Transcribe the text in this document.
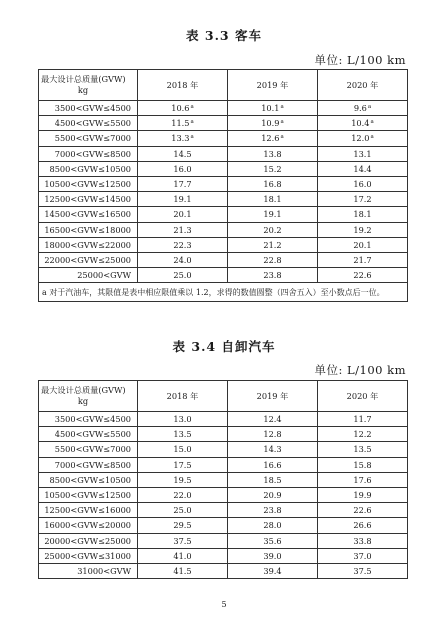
表 3.3 客车
单位: L/100 km
最大设计总质量(GVW)
kg	2018 年	2019 年	2020 年
3500<GVW≤4500	10.6$^a$	10.1$^a$	9.6$^a$
4500<GVW≤5500	11.5$^a$	10.9$^a$	10.4$^a$
5500<GVW≤7000	13.3$^a$	12.6$^a$	12.0$^a$
7000<GVW≤8500	14.5	13.8	13.1
8500<GVW≤10500	16.0	15.2	14.4
10500<GVW≤12500	17.7	16.8	16.0
12500<GVW≤14500	19.1	18.1	17.2
14500<GVW≤16500	20.1	19.1	18.1
16500<GVW≤18000	21.3	20.2	19.2
18000<GVW≤22000	22.3	21.2	20.1
22000<GVW≤25000	24.0	22.8	21.7
25000<GVW	25.0	23.8	22.6
a 对于汽油车，其限值是表中相应限值乘以 1.2，求得的数值圆整（四舍五入）至小数点后一位。			
表 3.4 自卸汽车
单位: L/100 km
最大设计总质量(GVW)
kg	2018 年	2019 年	2020 年
3500<GVW≤4500	13.0	12.4	11.7
4500<GVW≤5500	13.5	12.8	12.2
5500<GVW≤7000	15.0	14.3	13.5
7000<GVW≤8500	17.5	16.6	15.8
8500<GVW≤10500	19.5	18.5	17.6
10500<GVW≤12500	22.0	20.9	19.9
12500<GVW≤16000	25.0	23.8	22.6
16000<GVW≤20000	29.5	28.0	26.6
20000<GVW≤25000	37.5	35.6	33.8
25000<GVW≤31000	41.0	39.0	37.0
31000<GVW	41.5	39.4	37.5
5
